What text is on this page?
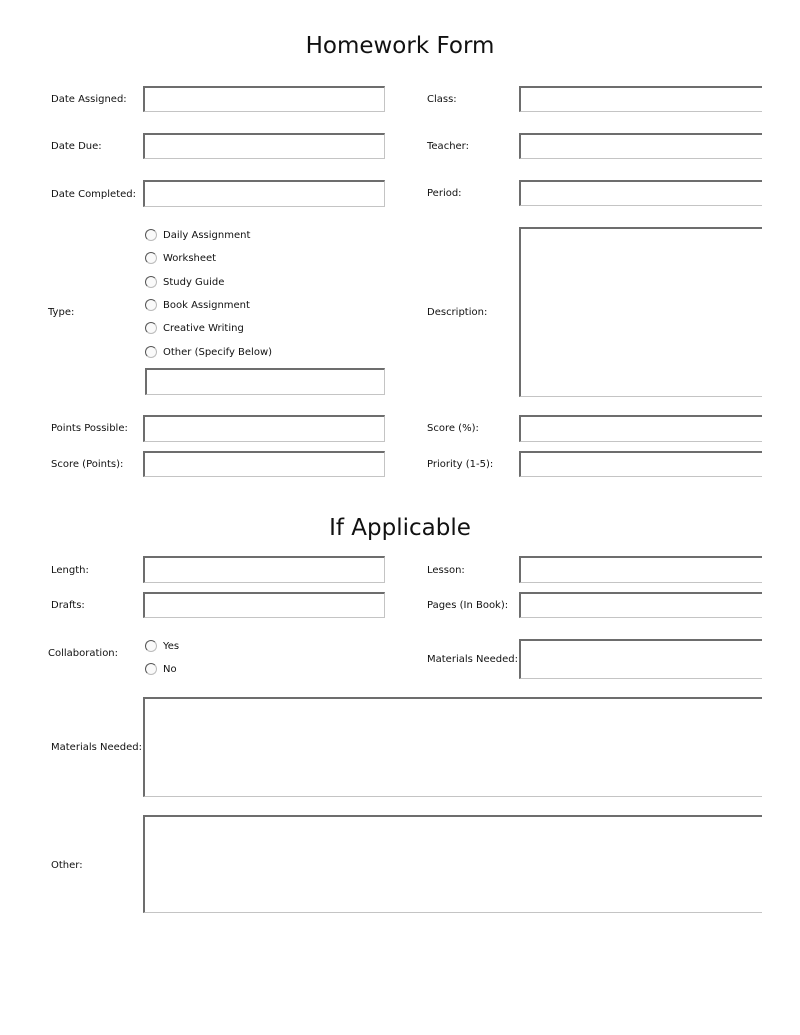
Homework Form
Date Assigned:	Class:
Date Due:	Teacher:
Date Completed:	Period:
Type:
Daily Assignment
Worksheet
Study Guide
Book Assignment
Creative Writing
Other (Specify Below)
Description:
Points Possible:	Score (%):
Score (Points):	Priority (1-5):
If Applicable
Length:	Lesson:
Drafts:	Pages (In Book):
Collaboration:
Yes
No
Materials Needed:
Materials Needed:
Other:
